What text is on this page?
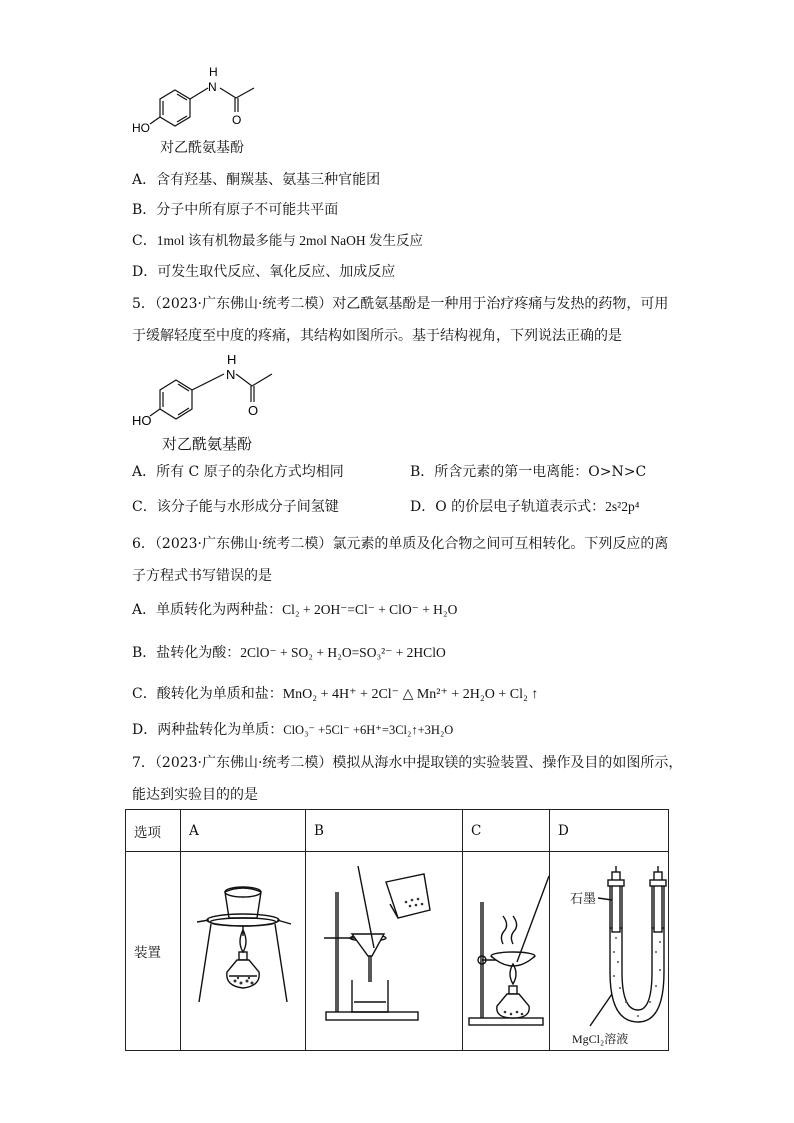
H
N
O
HO
对乙酰氨基酚
A．含有羟基、酮羰基、氨基三种官能团
B．分子中所有原子不可能共平面
C．1mol 该有机物最多能与 2mol NaOH 发生反应
D．可发生取代反应、氧化反应、加成反应
5．（2023·广东佛山·统考二模）对乙酰氨基酚是一种用于治疗疼痛与发热的药物，可用
于缓解轻度至中度的疼痛，其结构如图所示。基于结构视角，下列说法正确的是
H
N
O
HO
对乙酰氨基酚
A．所有 C 原子的杂化方式均相同	B．所含元素的第一电离能：O>N>C
C．该分子能与水形成分子间氢键	D．O 的价层电子轨道表示式：2s²2p⁴
6．（2023·广东佛山·统考二模）氯元素的单质及化合物之间可互相转化。下列反应的离
子方程式书写错误的是
A．单质转化为两种盐：Cl₂ + 2OH⁻=Cl⁻ + ClO⁻ + H₂O
B．盐转化为酸：2ClO⁻ + SO₂ + H₂O=SO₃²⁻ + 2HClO
C．酸转化为单质和盐：MnO₂ + 4H⁺ + 2Cl⁻ △ Mn²⁺ + 2H₂O + Cl₂ ↑
D．两种盐转化为单质：ClO₃⁻ +5Cl⁻ +6H⁺=3Cl₂↑+3H₂O
7．（2023·广东佛山·统考二模）模拟从海水中提取镁的实验装置、操作及目的如图所示，
能达到实验目的的是
选项	A	B	C	D
装置				石墨
MgCl₂溶液
